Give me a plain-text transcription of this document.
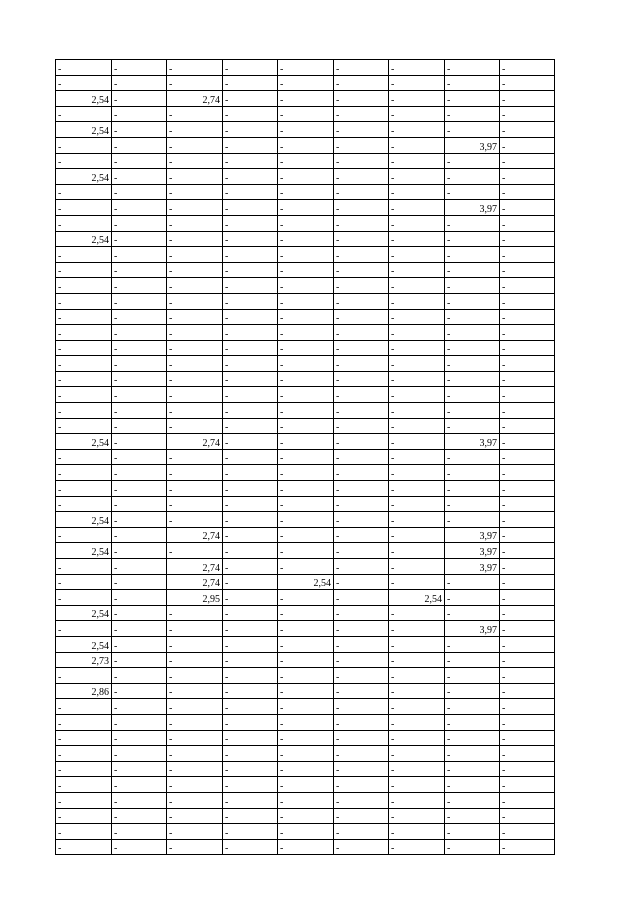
-	-	-	-	-	-	-	-	-
-	-	-	-	-	-	-	-	-
2,54	-	2,74	-	-	-	-	-	-
-	-	-	-	-	-	-	-	-
2,54	-	-	-	-	-	-	-	-
-	-	-	-	-	-	-	3,97	-
-	-	-	-	-	-	-	-	-
2,54	-	-	-	-	-	-	-	-
-	-	-	-	-	-	-	-	-
-	-	-	-	-	-	-	3,97	-
-	-	-	-	-	-	-	-	-
2,54	-	-	-	-	-	-	-	-
-	-	-	-	-	-	-	-	-
-	-	-	-	-	-	-	-	-
-	-	-	-	-	-	-	-	-
-	-	-	-	-	-	-	-	-
-	-	-	-	-	-	-	-	-
-	-	-	-	-	-	-	-	-
-	-	-	-	-	-	-	-	-
-	-	-	-	-	-	-	-	-
-	-	-	-	-	-	-	-	-
-	-	-	-	-	-	-	-	-
-	-	-	-	-	-	-	-	-
-	-	-	-	-	-	-	-	-
2,54	-	2,74	-	-	-	-	3,97	-
-	-	-	-	-	-	-	-	-
-	-	-	-	-	-	-	-	-
-	-	-	-	-	-	-	-	-
-	-	-	-	-	-	-	-	-
2,54	-	-	-	-	-	-	-	-
-	-	2,74	-	-	-	-	3,97	-
2,54	-	-	-	-	-	-	3,97	-
-	-	2,74	-	-	-	-	3,97	-
-	-	2,74	-	2,54	-	-	-	-
-	-	2,95	-	-	-	2,54	-	-
2,54	-	-	-	-	-	-	-	-
-	-	-	-	-	-	-	3,97	-
2,54	-	-	-	-	-	-	-	-
2,73	-	-	-	-	-	-	-	-
-	-	-	-	-	-	-	-	-
2,86	-	-	-	-	-	-	-	-
-	-	-	-	-	-	-	-	-
-	-	-	-	-	-	-	-	-
-	-	-	-	-	-	-	-	-
-	-	-	-	-	-	-	-	-
-	-	-	-	-	-	-	-	-
-	-	-	-	-	-	-	-	-
-	-	-	-	-	-	-	-	-
-	-	-	-	-	-	-	-	-
-	-	-	-	-	-	-	-	-
-	-	-	-	-	-	-	-	-
